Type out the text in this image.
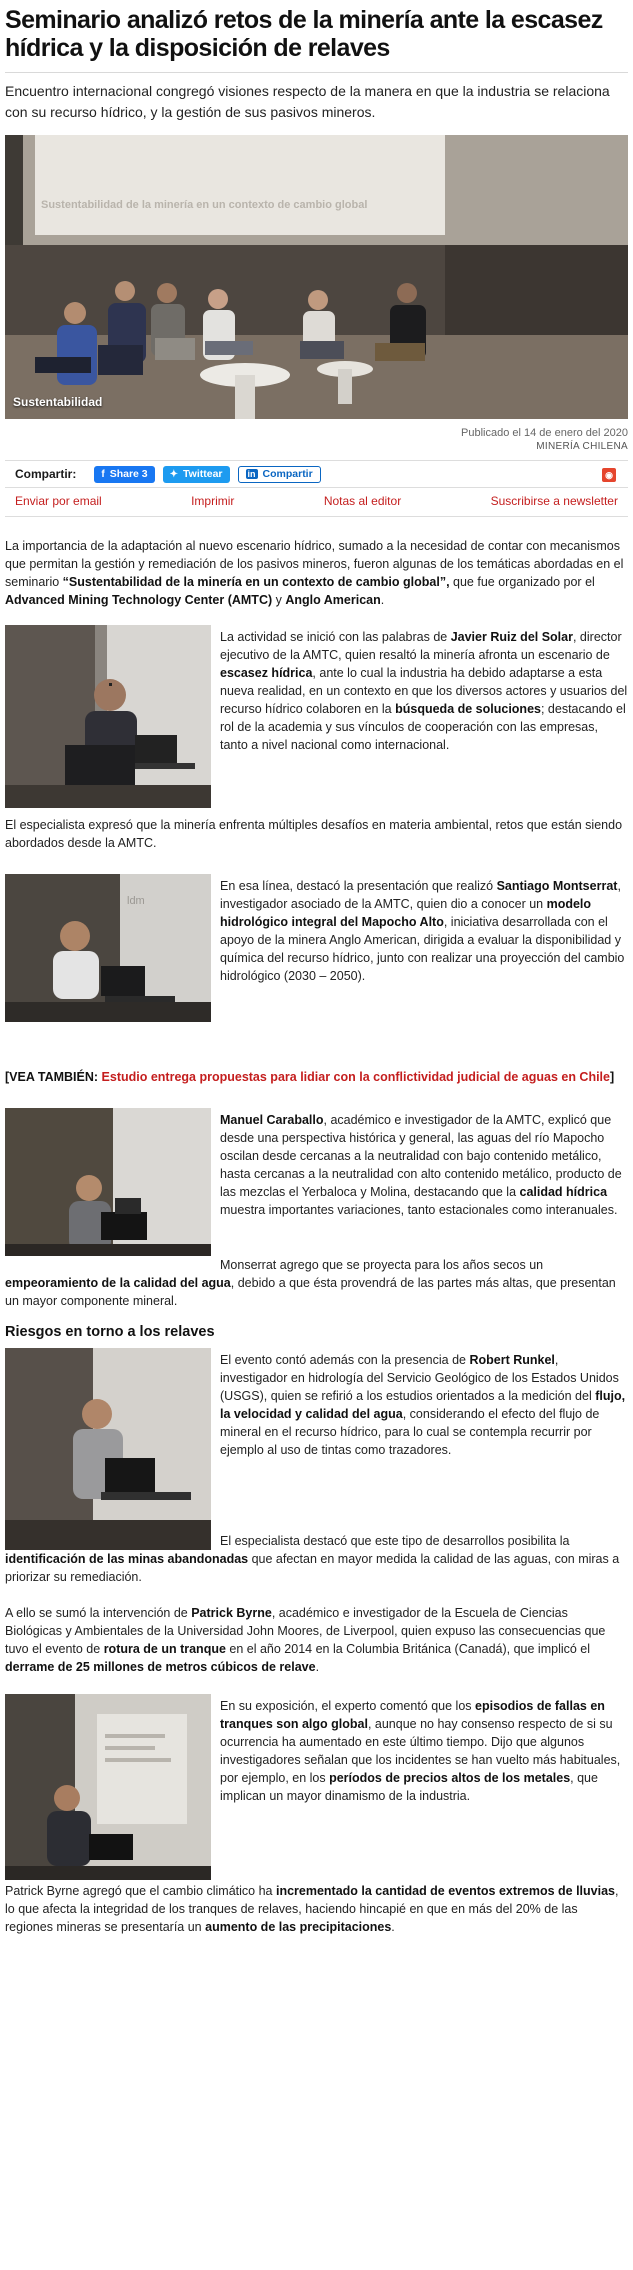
Seminario analizó retos de la minería ante la escasez hídrica y la disposición de relaves

Encuentro internacional congregó visiones respecto de la manera en que la industria se relaciona con su recurso hídrico, y la gestión de sus pasivos mineros.

Sustentabilidad de la minería en un contexto de cambio global
Sustentabilidad
Publicado el 14 de enero del 2020
MINERÍA CHILENA
Compartir:	f Share 3 ✦ Twittear	in Compartir	◉
Enviar por email	Imprimir	Notas al editor	Suscribirse a newsletter

La importancia de la adaptación al nuevo escenario hídrico, sumado a la necesidad de contar con mecanismos que permitan la gestión y remediación de los pasivos mineros, fueron algunas de los temáticas abordadas en el seminario “Sustentabilidad de la minería en un contexto de cambio global”, que fue organizado por el Advanced Mining Technology Center (AMTC) y Anglo American.

La actividad se inició con las palabras de Javier Ruiz del Solar, director ejecutivo de la AMTC, quien resaltó la minería afronta un escenario de escasez hídrica, ante lo cual la industria ha debido adaptarse a esta nueva realidad, en un contexto en que los diversos actores y usuarios del recurso hídrico colaboren en la búsqueda de soluciones; destacando el rol de la academia y sus vínculos de cooperación con las empresas, tanto a nivel nacional como internacional.

El especialista expresó que la minería enfrenta múltiples desafíos en materia ambiental, retos que están siendo abordados desde la AMTC.

ldm
En esa línea, destacó la presentación que realizó Santiago Montserrat, investigador asociado de la AMTC, quien dio a conocer un modelo hidrológico integral del Mapocho Alto, iniciativa desarrollada con el apoyo de la minera Anglo American, dirigida a evaluar la disponibilidad y química del recurso hídrico, junto con realizar una proyección del cambio hidrológico (2030 – 2050).

[VEA TAMBIÉN: Estudio entrega propuestas para lidiar con la conflictividad judicial de aguas en Chile]

Manuel Caraballo, académico e investigador de la AMTC, explicó que desde una perspectiva histórica y general, las aguas del río Mapocho oscilan desde cercanas a la neutralidad con bajo contenido metálico, hasta cercanas a la neutralidad con alto contenido metálico, producto de las mezclas el Yerbaloca y Molina, destacando que la calidad hídrica muestra importantes variaciones, tanto estacionales como interanuales.

Monserrat agrego que se proyecta para los años secos un empeoramiento de la calidad del agua, debido a que ésta provendrá de las partes más altas, que presentan un mayor componente mineral.

Riesgos en torno a los relaves
El evento contó además con la presencia de Robert Runkel, investigador en hidrología del Servicio Geológico de los Estados Unidos (USGS), quien se refirió a los estudios orientados a la medición del flujo, la velocidad y calidad del agua, considerando el efecto del flujo de mineral en el recurso hídrico, para lo cual se contempla recurrir por ejemplo al uso de tintas como trazadores.

El especialista destacó que este tipo de desarrollos posibilita la identificación de las minas abandonadas que afectan en mayor medida la calidad de las aguas, con miras a priorizar su remediación.

A ello se sumó la intervención de Patrick Byrne, académico e investigador de la Escuela de Ciencias Biológicas y Ambientales de la Universidad John Moores, de Liverpool, quien expuso las consecuencias que tuvo el evento de rotura de un tranque en el año 2014 en la Columbia Británica (Canadá), que implicó el derrame de 25 millones de metros cúbicos de relave.

En su exposición, el experto comentó que los episodios de fallas en tranques son algo global, aunque no hay consenso respecto de si su ocurrencia ha aumentado en este último tiempo. Dijo que algunos investigadores señalan que los incidentes se han vuelto más habituales, por ejemplo, en los períodos de precios altos de los metales, que implican un mayor dinamismo de la industria.

Patrick Byrne agregó que el cambio climático ha incrementado la cantidad de eventos extremos de lluvias, lo que afecta la integridad de los tranques de relaves, haciendo hincapié en que en más del 20% de las regiones mineras se presentaría un aumento de las precipitaciones.
